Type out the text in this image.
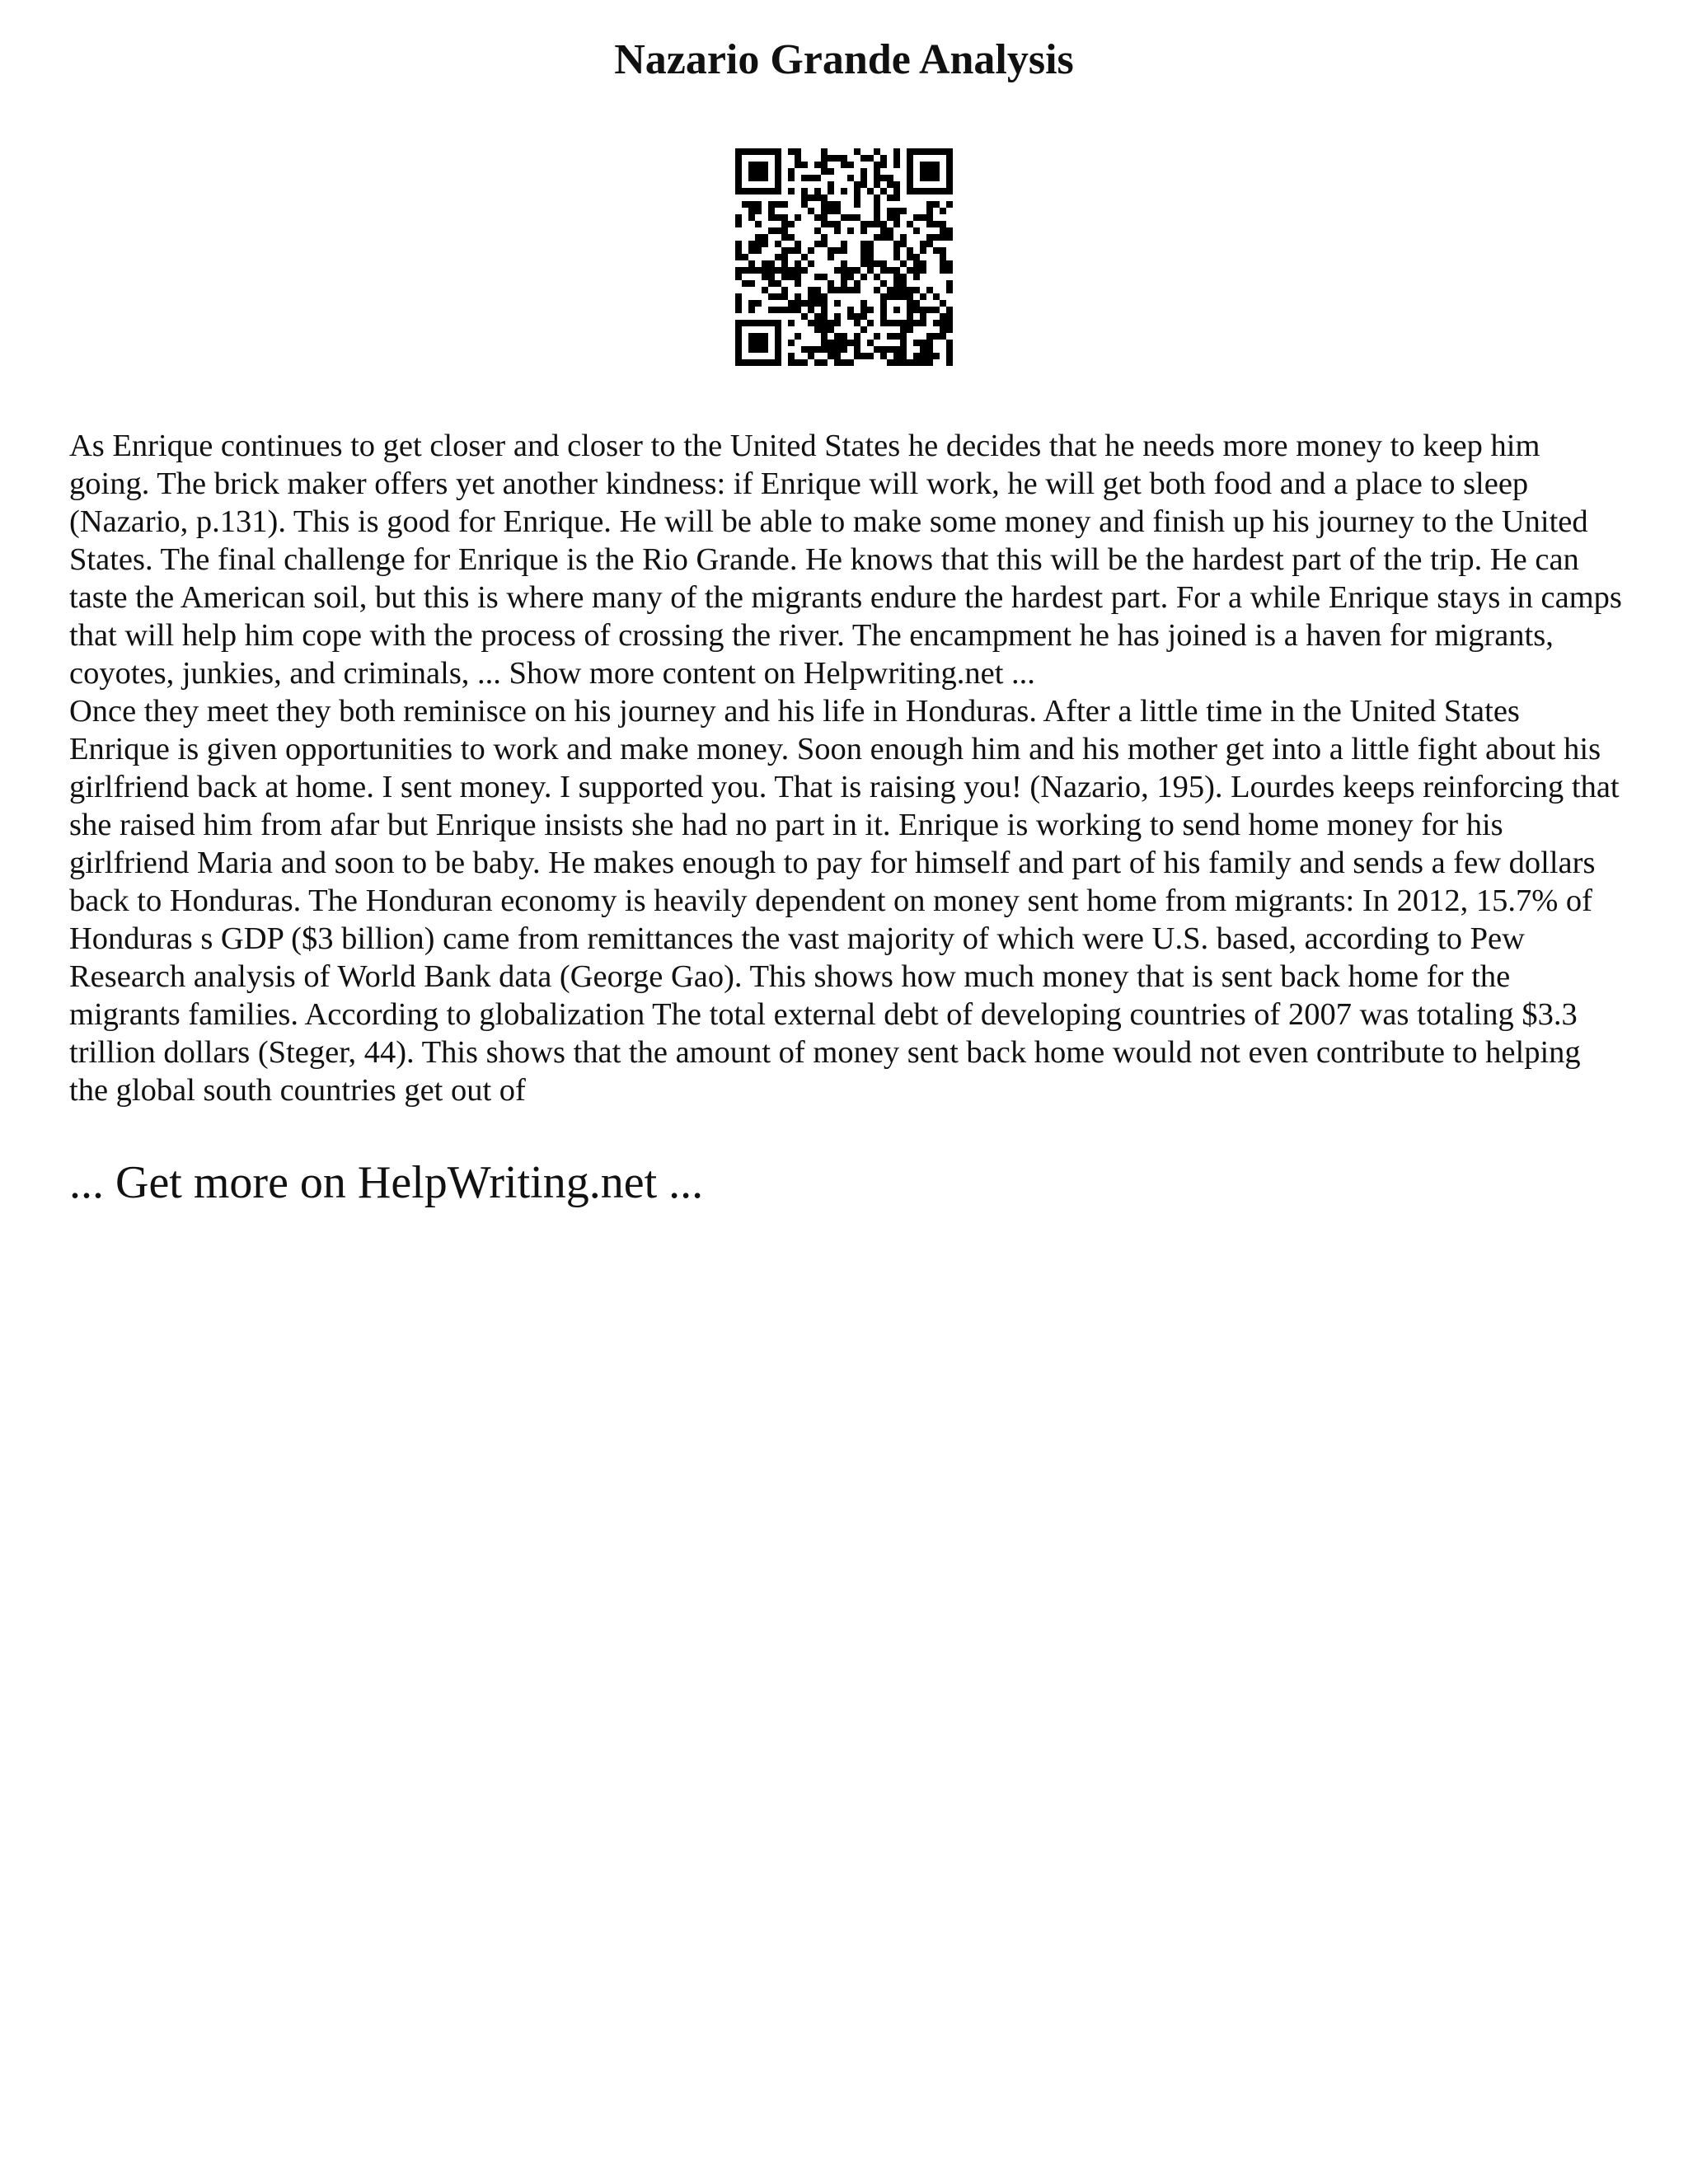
Nazario Grande Analysis

As Enrique continues to get closer and closer to the United States he decides that he needs more money to keep him going. The brick maker offers yet another kindness: if Enrique will work, he will get both food and a place to sleep (Nazario, p.131). This is good for Enrique. He will be able to make some money and finish up his journey to the United States. The final challenge for Enrique is the Rio Grande. He knows that this will be the hardest part of the trip. He can taste the American soil, but this is where many of the migrants endure the hardest part. For a while Enrique stays in camps that will help him cope with the process of crossing the river. The encampment he has joined is a haven for migrants, coyotes, junkies, and criminals, ... Show more content on Helpwriting.net ...

Once they meet they both reminisce on his journey and his life in Honduras. After a little time in the United States Enrique is given opportunities to work and make money. Soon enough him and his mother get into a little fight about his girlfriend back at home. I sent money. I supported you. That is raising you! (Nazario, 195). Lourdes keeps reinforcing that she raised him from afar but Enrique insists she had no part in it. Enrique is working to send home money for his girlfriend Maria and soon to be baby. He makes enough to pay for himself and part of his family and sends a few dollars back to Honduras. The Honduran economy is heavily dependent on money sent home from migrants: In 2012, 15.7% of Honduras s GDP ($3 billion) came from remittances the vast majority of which were U.S. based, according to Pew Research analysis of World Bank data (George Gao). This shows how much money that is sent back home for the migrants families. According to globalization The total external debt of developing countries of 2007 was totaling $3.3 trillion dollars (Steger, 44). This shows that the amount of money sent back home would not even contribute to helping the global south countries get out of

... Get more on HelpWriting.net ...
